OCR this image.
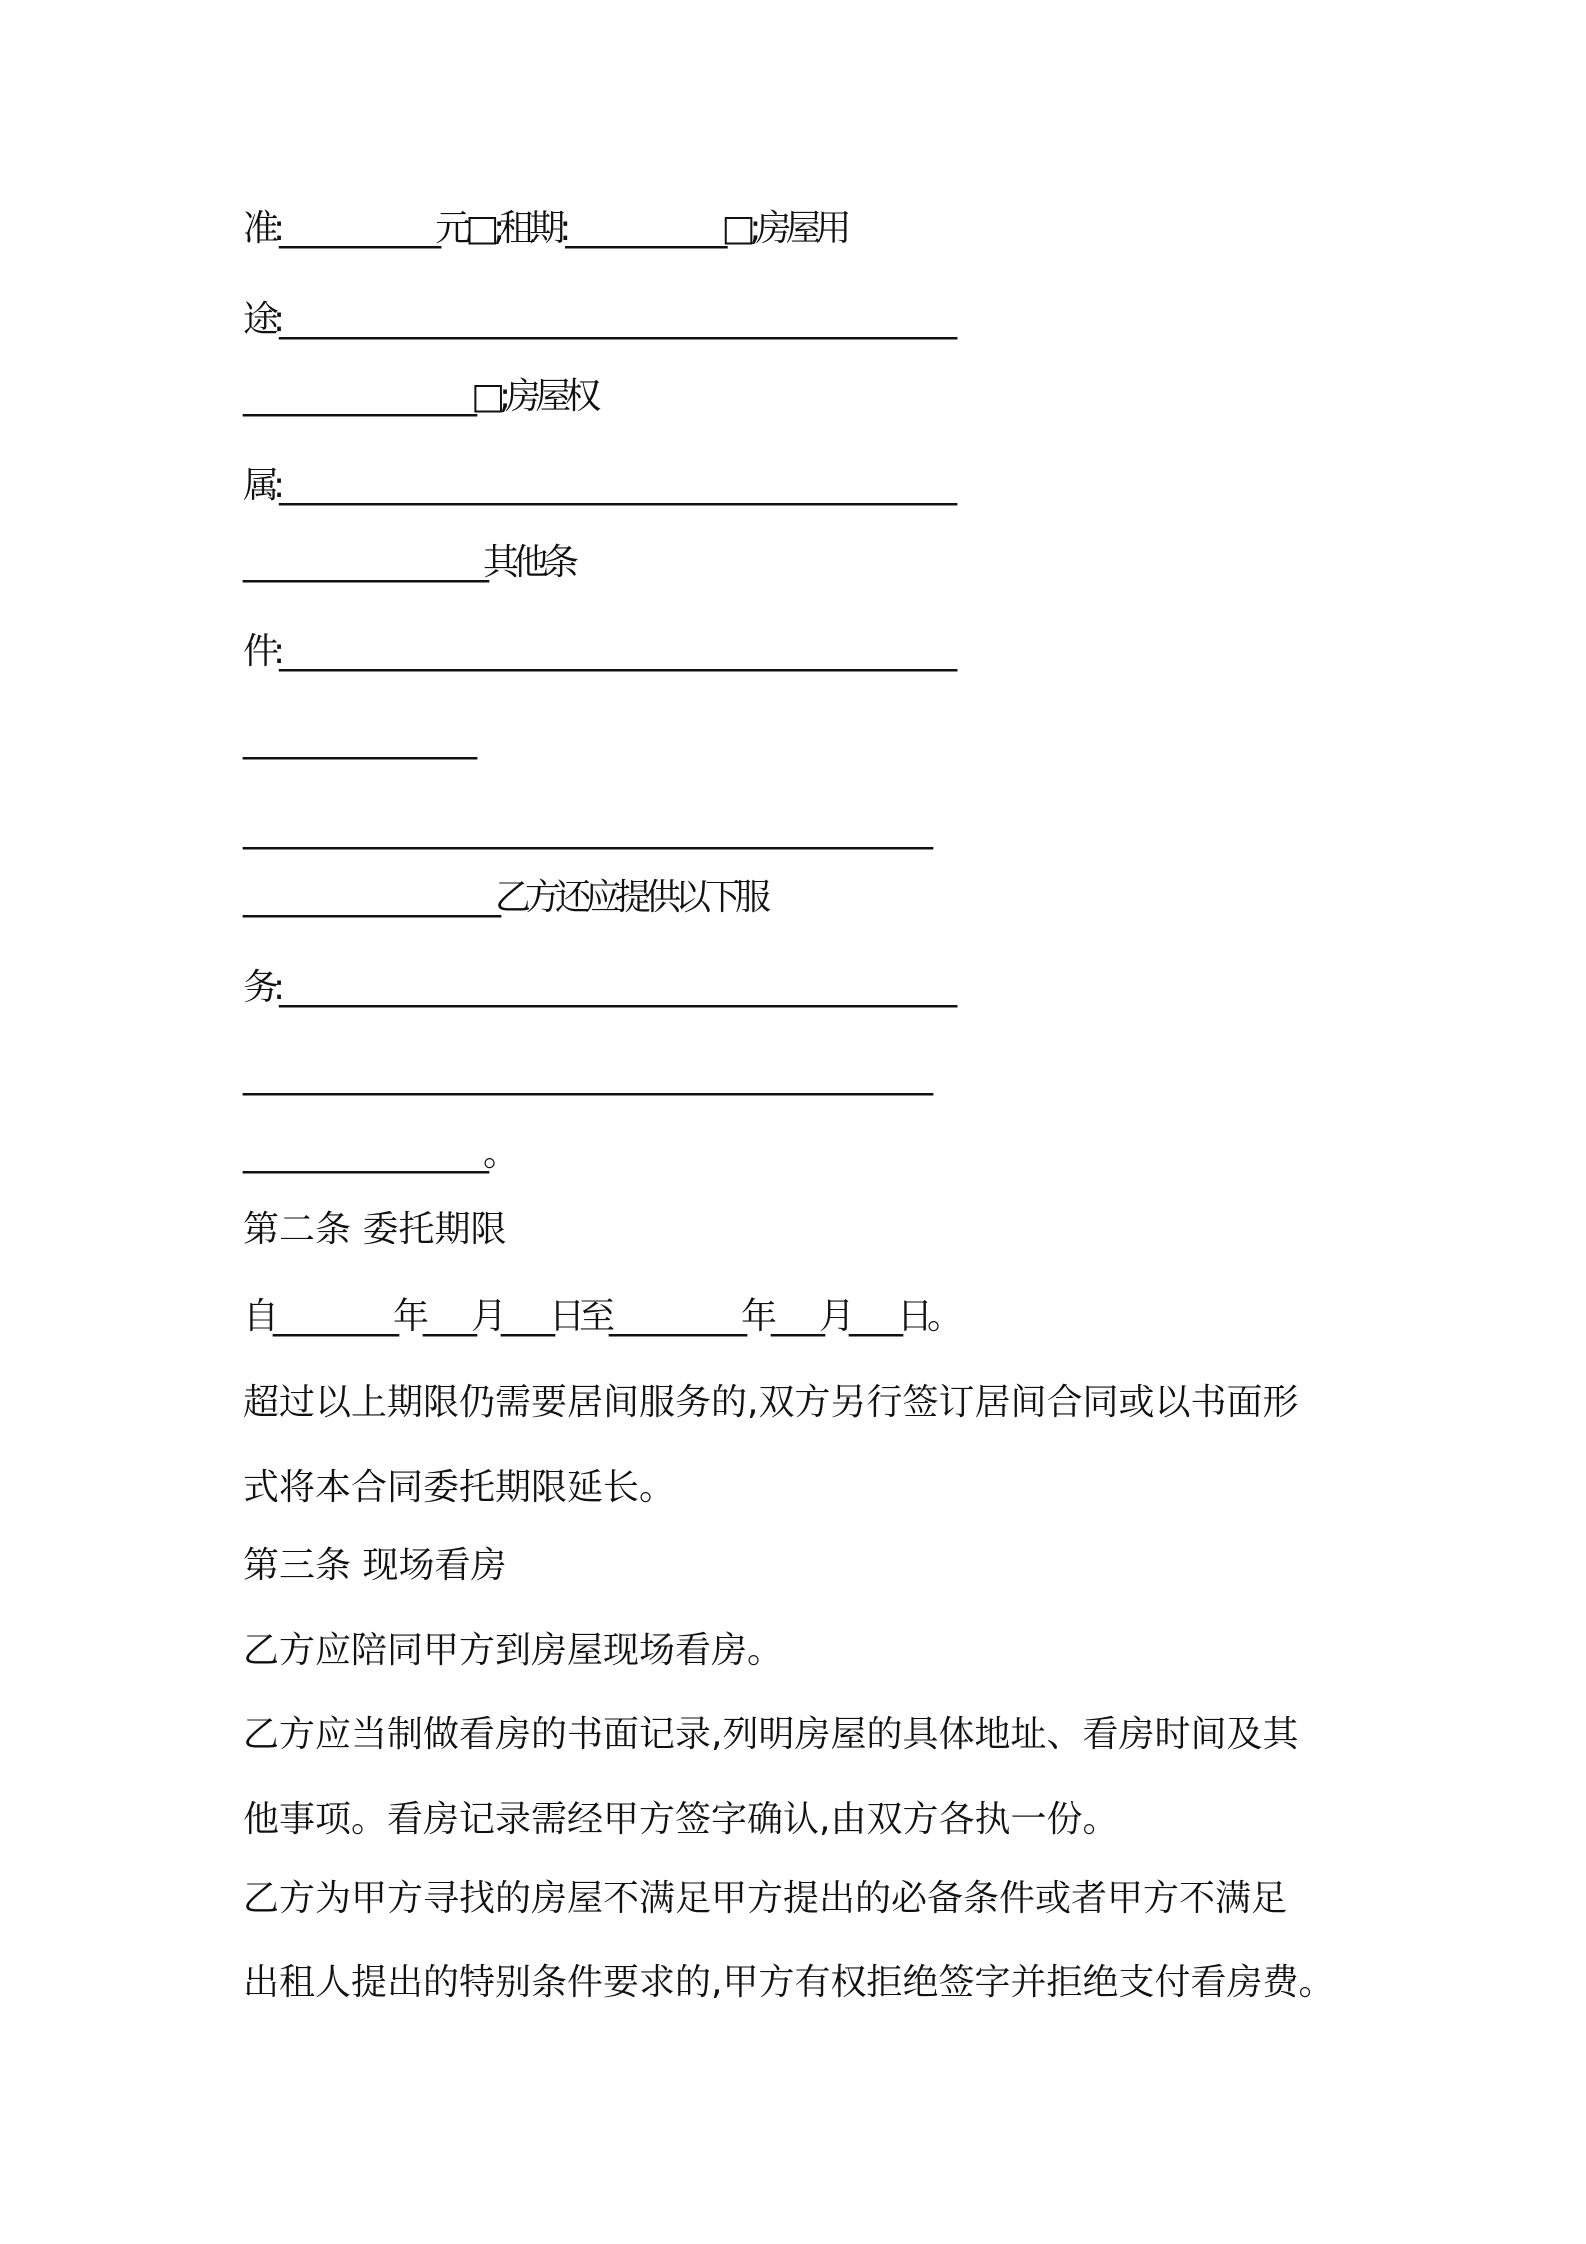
准:_____________元□;租期:_____________□;房屋用

途:________________________________________________________

___________________□;房屋权

属:________________________________________________________

____________________其他条

件:________________________________________________________

___________________

_________________________________________________________

_____________________乙方还应提供以下服

务:________________________________________________________

_________________________________________________________

____________________。

第二条 委托期限

自__________年____月____日至___________年____月____日。

超过以上期限仍需要居间服务的,双方另行签订居间合同或以书面形

式将本合同委托期限延长。

第三条 现场看房

乙方应陪同甲方到房屋现场看房。

乙方应当制做看房的书面记录,列明房屋的具体地址、看房时间及其

他事项。看房记录需经甲方签字确认,由双方各执一份。

乙方为甲方寻找的房屋不满足甲方提出的必备条件或者甲方不满足

出租人提出的特别条件要求的,甲方有权拒绝签字并拒绝支付看房费。
